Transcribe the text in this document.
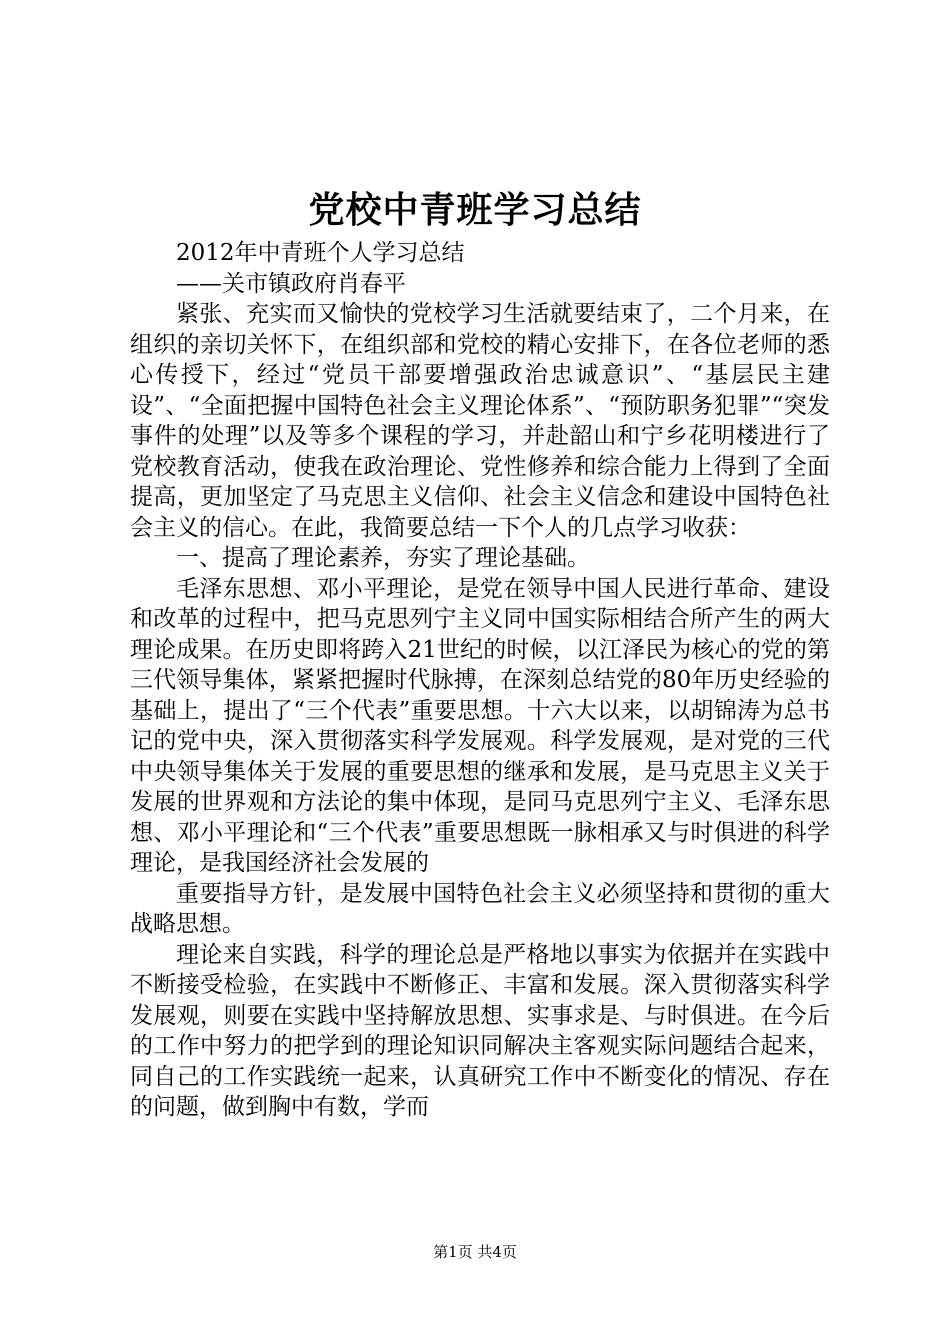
党校中青班学习总结

2012年中青班个人学习总结

——关市镇政府肖春平

紧张、充实而又愉快的党校学习生活就要结束了，二个月来，在组织的亲切关怀下，在组织部和党校的精心安排下，在各位老师的悉心传授下，经过“党员干部要增强政治忠诚意识”、“基层民主建设”、“全面把握中国特色社会主义理论体系”、“预防职务犯罪”“突发事件的处理”以及等多个课程的学习，并赴韶山和宁乡花明楼进行了党校教育活动，使我在政治理论、党性修养和综合能力上得到了全面提高，更加坚定了马克思主义信仰、社会主义信念和建设中国特色社会主义的信心。在此，我简要总结一下个人的几点学习收获：

一、提高了理论素养，夯实了理论基础。

毛泽东思想、邓小平理论，是党在领导中国人民进行革命、建设和改革的过程中，把马克思列宁主义同中国实际相结合所产生的两大理论成果。在历史即将跨入21世纪的时候，以江泽民为核心的党的第三代领导集体，紧紧把握时代脉搏，在深刻总结党的80年历史经验的基础上，提出了“三个代表”重要思想。十六大以来，以胡锦涛为总书记的党中央，深入贯彻落实科学发展观。科学发展观，是对党的三代中央领导集体关于发展的重要思想的继承和发展，是马克思主义关于发展的世界观和方法论的集中体现，是同马克思列宁主义、毛泽东思想、邓小平理论和“三个代表”重要思想既一脉相承又与时俱进的科学理论，是我国经济社会发展的

重要指导方针，是发展中国特色社会主义必须坚持和贯彻的重大战略思想。

理论来自实践，科学的理论总是严格地以事实为依据并在实践中不断接受检验，在实践中不断修正、丰富和发展。深入贯彻落实科学发展观，则要在实践中坚持解放思想、实事求是、与时俱进。在今后的工作中努力的把学到的理论知识同解决主客观实际问题结合起来，同自己的工作实践统一起来，认真研究工作中不断变化的情况、存在的问题，做到胸中有数，学而

第1页 共4页
